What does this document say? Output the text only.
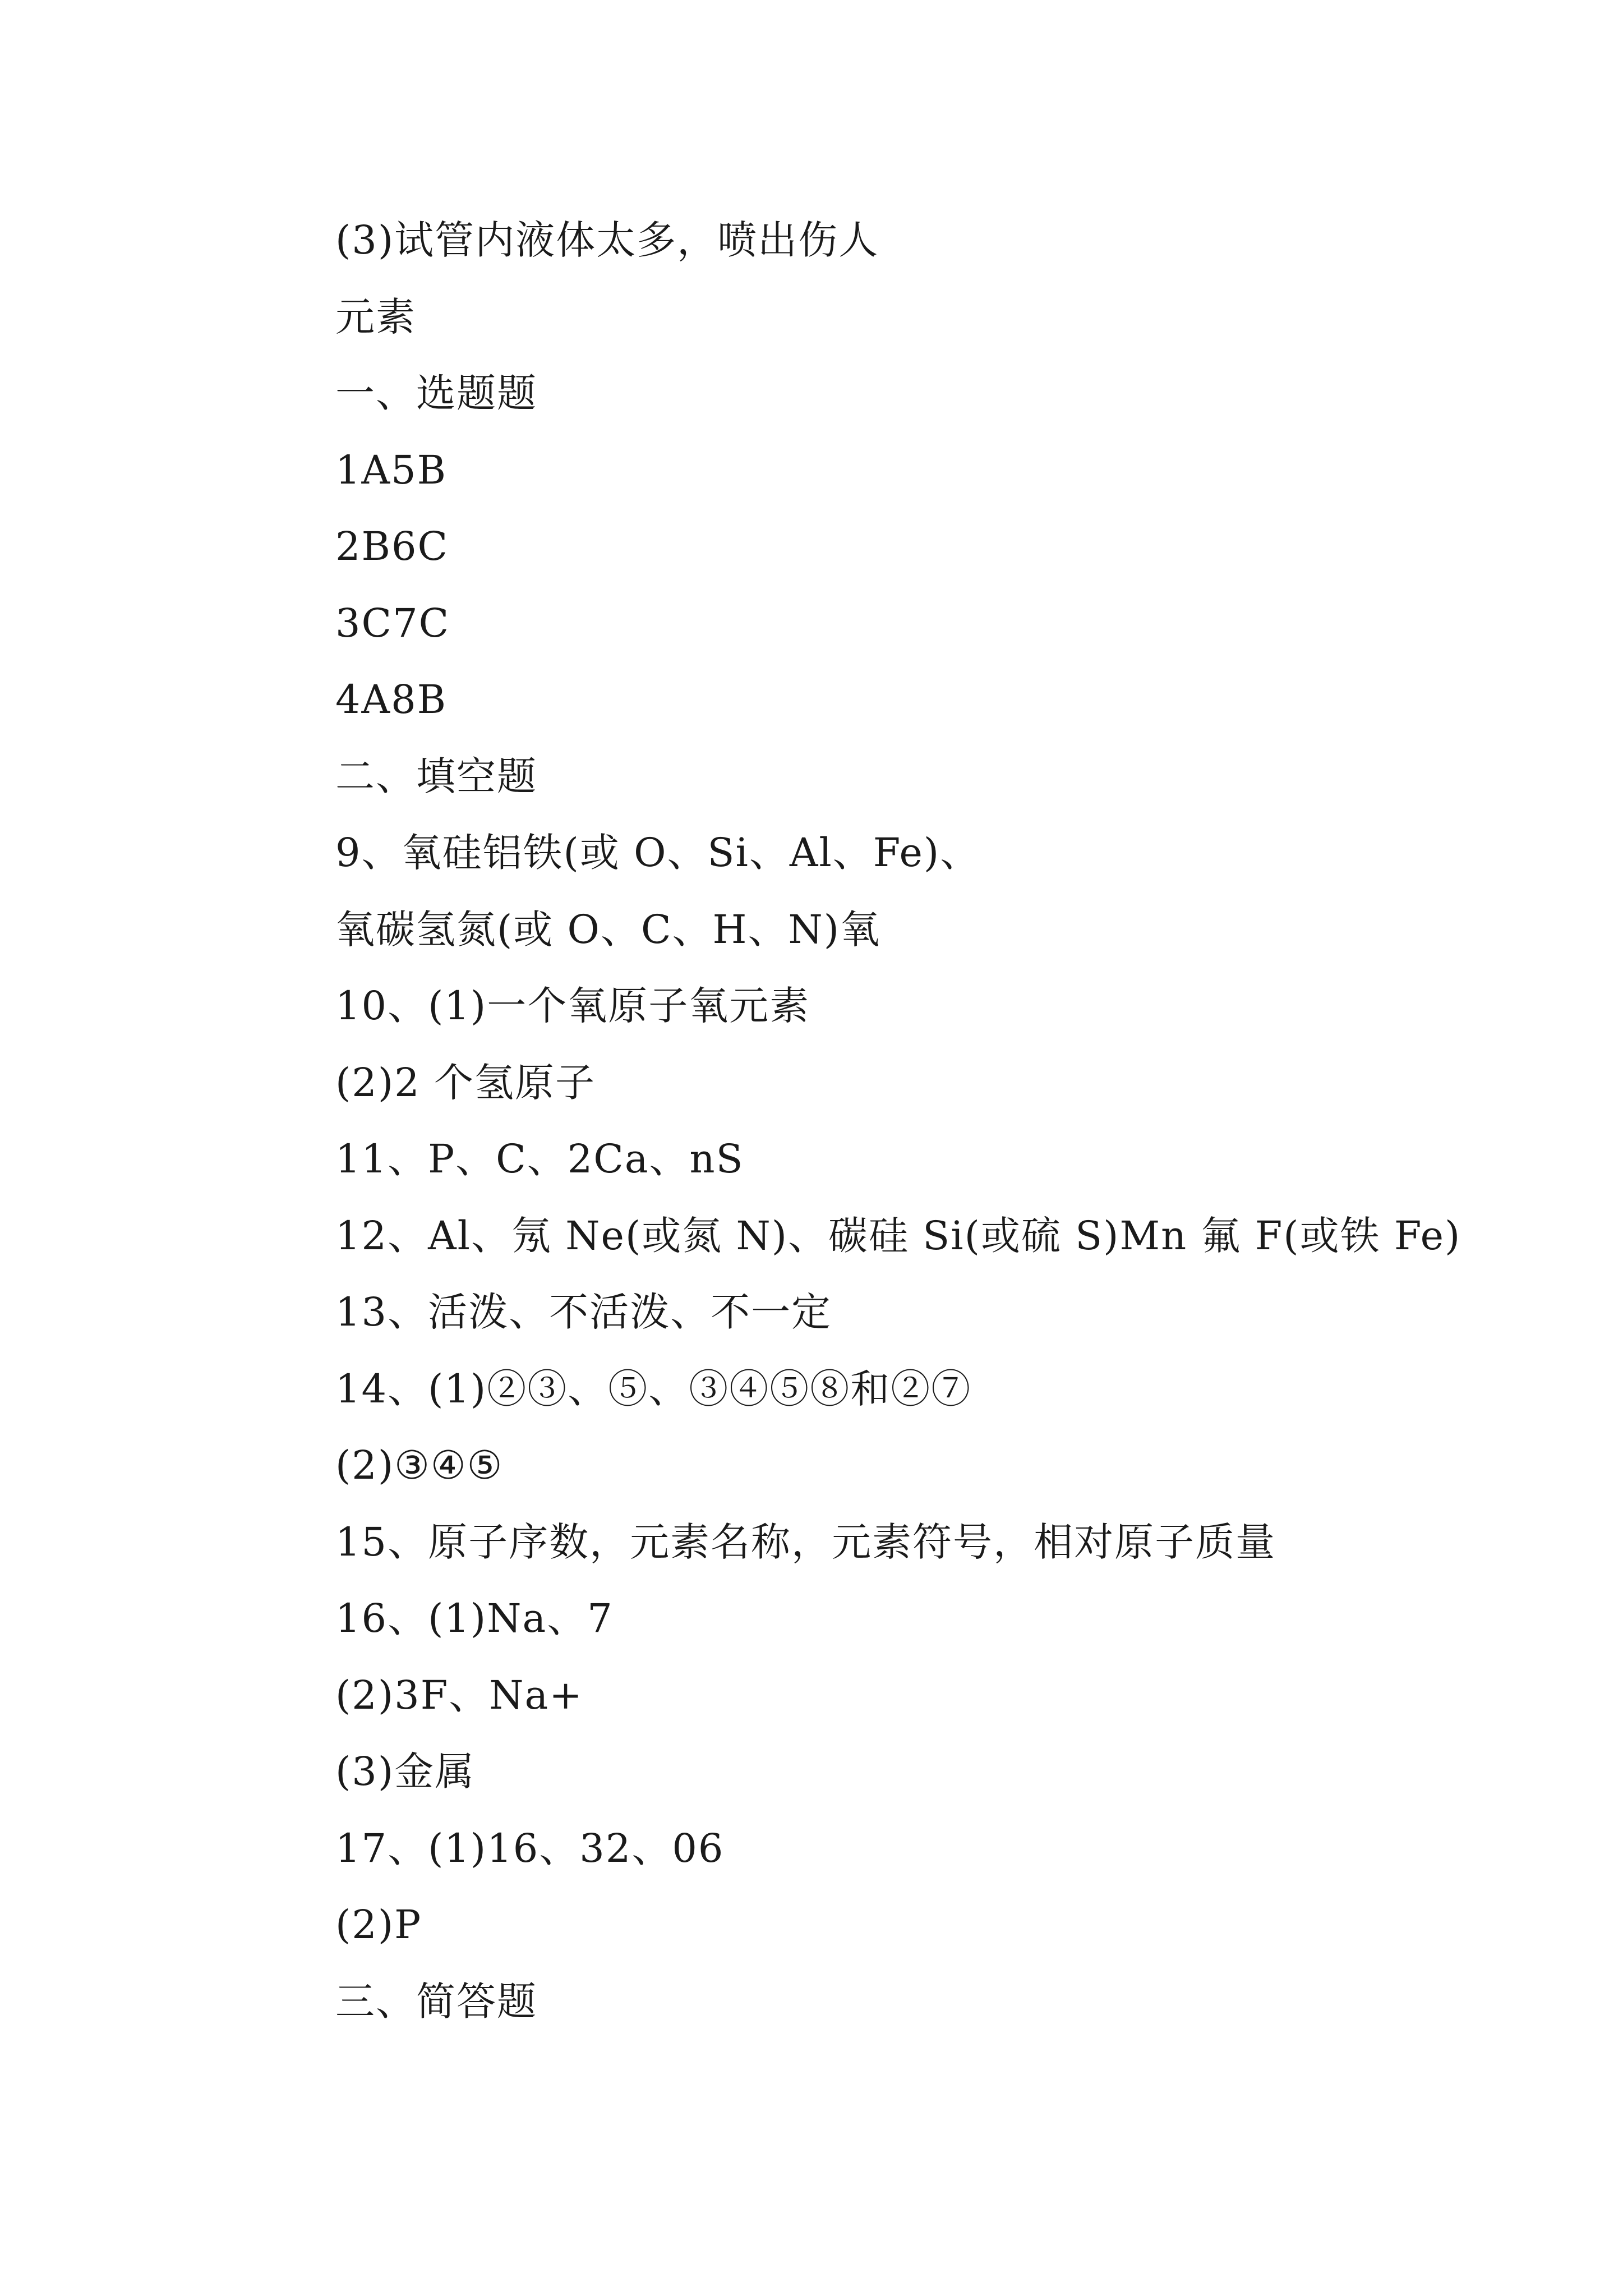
(3)试管内液体太多，喷出伤人
元素
一、选题题
1A5B
2B6C
3C7C
4A8B
二、填空题
9、氧硅铝铁(或 O、Si、Al、Fe)、
氧碳氢氮(或 O、C、H、N)氧
10、(1)一个氧原子氧元素
(2)2 个氢原子
11、P、C、2Ca、nS
12、Al、氖 Ne(或氮 N)、碳硅 Si(或硫 S)Mn 氟 F(或铁 Fe)
13、活泼、不活泼、不一定
14、(1)②③、⑤、③④⑤⑧和②⑦
(2)③④⑤
15、原子序数，元素名称，元素符号，相对原子质量
16、(1)Na、7
(2)3F、Na+
(3)金属
17、(1)16、32、06
(2)P
三、简答题
